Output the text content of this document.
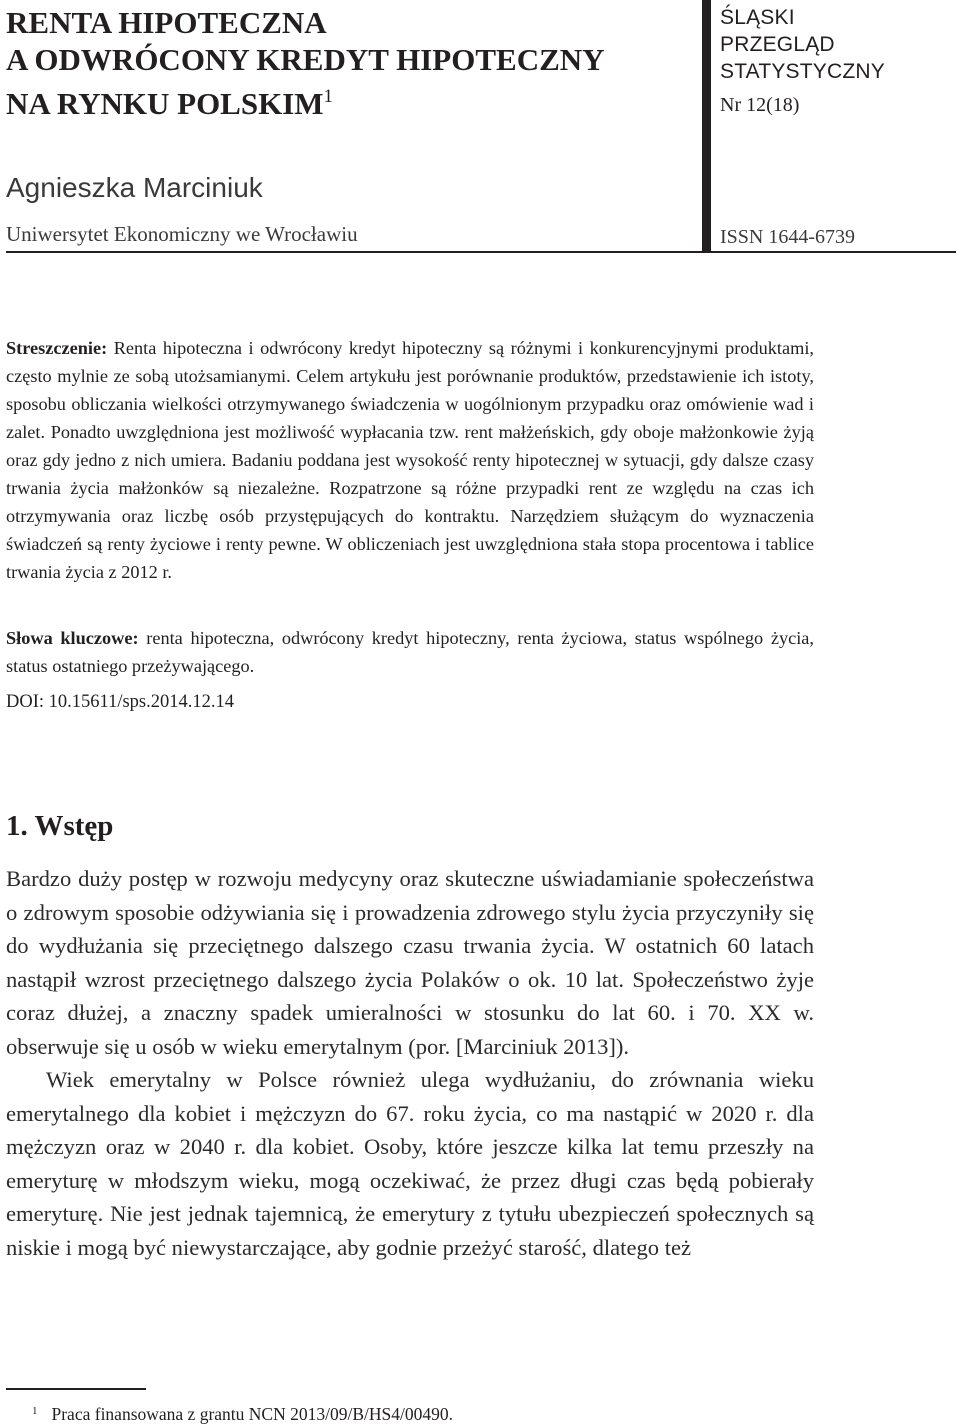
RENTA HIPOTECZNA
A ODWRÓCONY KREDYT HIPOTECZNY
NA RYNKU POLSKIM$^1$
ŚLĄSKI
PRZEGLĄD
STATYSTYCZNY
Nr 12(18)
Agnieszka Marciniuk
Uniwersytet Ekonomiczny we Wrocławiu	ISSN 1644-6739

Streszczenie: Renta hipoteczna i odwrócony kredyt hipoteczny są różnymi i konkurencyjnymi produktami, często mylnie ze sobą utożsamianymi. Celem artykułu jest porównanie produktów, przedstawienie ich istoty, sposobu obliczania wielkości otrzymywanego świadczenia w uogólnionym przypadku oraz omówienie wad i zalet. Ponadto uwzględniona jest możliwość wypłacania tzw. rent małżeńskich, gdy oboje małżonkowie żyją oraz gdy jedno z nich umiera. Badaniu poddana jest wysokość renty hipotecznej w sytuacji, gdy dalsze czasy trwania życia małżonków są niezależne. Rozpatrzone są różne przypadki rent ze względu na czas ich otrzymywania oraz liczbę osób przystępujących do kontraktu. Narzędziem służącym do wyznaczenia świadczeń są renty życiowe i renty pewne. W obliczeniach jest uwzględniona stała stopa procentowa i tablice trwania życia z 2012 r.

Słowa kluczowe: renta hipoteczna, odwrócony kredyt hipoteczny, renta życiowa, status wspólnego życia, status ostatniego przeżywającego.

DOI: 10.15611/sps.2014.12.14
1. Wstęp

Bardzo duży postęp w rozwoju medycyny oraz skuteczne uświadamianie społeczeństwa o zdrowym sposobie odżywiania się i prowadzenia zdrowego stylu życia przyczyniły się do wydłużania się przeciętnego dalszego czasu trwania życia. W ostatnich 60 latach nastąpił wzrost przeciętnego dalszego życia Polaków o ok. 10 lat. Społeczeństwo żyje coraz dłużej, a znaczny spadek umieralności w stosunku do lat 60. i 70. XX w. obserwuje się u osób w wieku emerytalnym (por. [Marciniuk 2013]).

Wiek emerytalny w Polsce również ulega wydłużaniu, do zrównania wieku emerytalnego dla kobiet i mężczyzn do 67. roku życia, co ma nastąpić w 2020 r. dla mężczyzn oraz w 2040 r. dla kobiet. Osoby, które jeszcze kilka lat temu przeszły na emeryturę w młodszym wieku, mogą oczekiwać, że przez długi czas będą pobierały emeryturę. Nie jest jednak tajemnicą, że emerytury z tytułu ubezpieczeń społecznych są niskie i mogą być niewystarczające, aby godnie przeżyć starość, dlatego też

$^1$ Praca finansowana z grantu NCN 2013/09/B/HS4/00490.
